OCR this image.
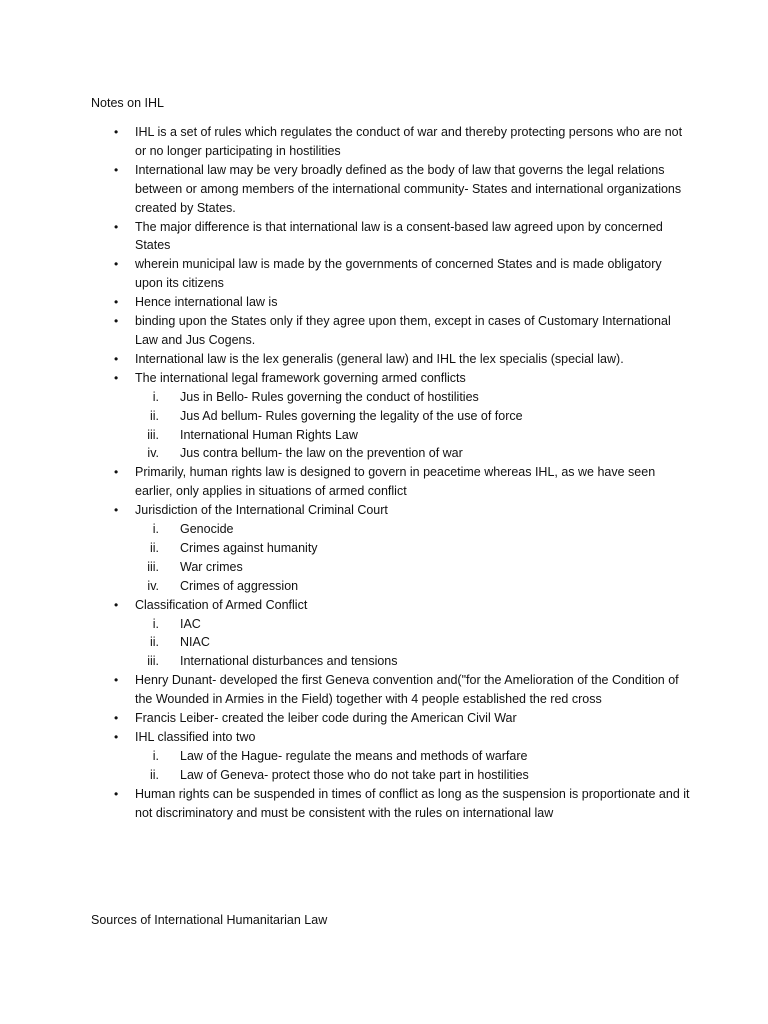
Notes on IHL
• IHL is a set of rules which regulates the conduct of war and thereby protecting persons who are not or no longer participating in hostilities
• International law may be very broadly defined as the body of law that governs the legal relations between or among members of the international community- States and international organizations created by States.
• The major difference is that international law is a consent-based law agreed upon by concerned States
• wherein municipal law is made by the governments of concerned States and is made obligatory upon its citizens
• Hence international law is
• binding upon the States only if they agree upon them, except in cases of Customary International Law and Jus Cogens.
• International law is the lex generalis (general law) and IHL the lex specialis (special law).
• The international legal framework governing armed conflicts
i. Jus in Bello- Rules governing the conduct of hostilities
ii. Jus Ad bellum- Rules governing the legality of the use of force
iii. International Human Rights Law
iv. Jus contra bellum- the law on the prevention of war
• Primarily, human rights law is designed to govern in peacetime whereas IHL, as we have seen earlier, only applies in situations of armed conflict
• Jurisdiction of the International Criminal Court
i. Genocide
ii. Crimes against humanity
iii. War crimes
iv. Crimes of aggression
• Classification of Armed Conflict
i. IAC
ii. NIAC
iii. International disturbances and tensions
• Henry Dunant- developed the first Geneva convention and("for the Amelioration of the Condition of the Wounded in Armies in the Field) together with 4 people established the red cross
• Francis Leiber- created the leiber code during the American Civil War
• IHL classified into two
i. Law of the Hague- regulate the means and methods of warfare
ii. Law of Geneva- protect those who do not take part in hostilities
• Human rights can be suspended in times of conflict as long as the suspension is proportionate and it not discriminatory and must be consistent with the rules on international law
Sources of International Humanitarian Law
